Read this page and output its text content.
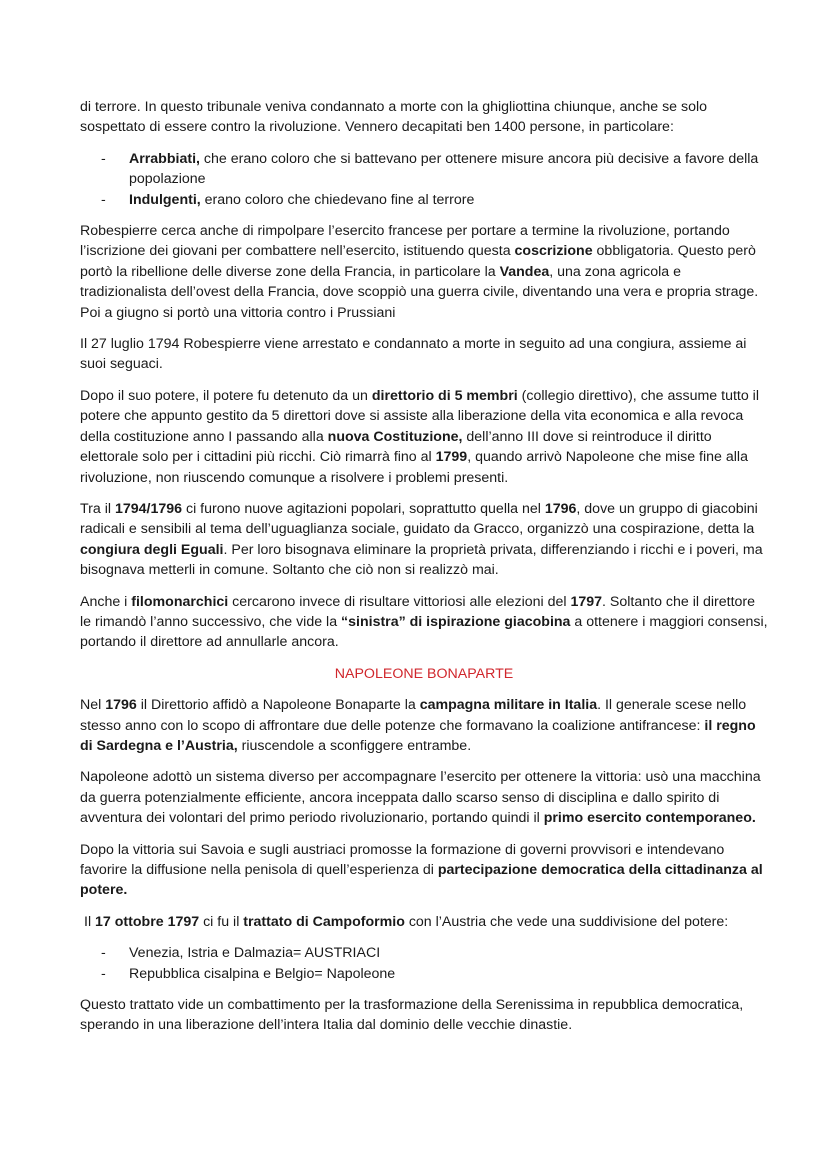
di terrore. In questo tribunale veniva condannato a morte con la ghigliottina chiunque, anche se solo sospettato di essere contro la rivoluzione. Vennero decapitati ben 1400 persone, in particolare:

- Arrabbiati, che erano coloro che si battevano per ottenere misure ancora più decisive a favore della popolazione
- Indulgenti, erano coloro che chiedevano fine al terrore

Robespierre cerca anche di rimpolpare l’esercito francese per portare a termine la rivoluzione, portando l’iscrizione dei giovani per combattere nell’esercito, istituendo questa coscrizione obbligatoria. Questo però portò la ribellione delle diverse zone della Francia, in particolare la Vandea, una zona agricola e tradizionalista dell’ovest della Francia, dove scoppiò una guerra civile, diventando una vera e propria strage. Poi a giugno si portò una vittoria contro i Prussiani

Il 27 luglio 1794 Robespierre viene arrestato e condannato a morte in seguito ad una congiura, assieme ai suoi seguaci.

Dopo il suo potere, il potere fu detenuto da un direttorio di 5 membri (collegio direttivo), che assume tutto il potere che appunto gestito da 5 direttori dove si assiste alla liberazione della vita economica e alla revoca della costituzione anno I passando alla nuova Costituzione, dell’anno III dove si reintroduce il diritto elettorale solo per i cittadini più ricchi. Ciò rimarrà fino al 1799, quando arrivò Napoleone che mise fine alla rivoluzione, non riuscendo comunque a risolvere i problemi presenti.

Tra il 1794/1796 ci furono nuove agitazioni popolari, soprattutto quella nel 1796, dove un gruppo di giacobini radicali e sensibili al tema dell’uguaglianza sociale, guidato da Gracco, organizzò una cospirazione, detta la congiura degli Eguali. Per loro bisognava eliminare la proprietà privata, differenziando i ricchi e i poveri, ma bisognava metterli in comune. Soltanto che ciò non si realizzò mai.

Anche i filomonarchici cercarono invece di risultare vittoriosi alle elezioni del 1797. Soltanto che il direttore le rimandò l’anno successivo, che vide la “sinistra” di ispirazione giacobina a ottenere i maggiori consensi, portando il direttore ad annullarle ancora.

NAPOLEONE BONAPARTE

Nel 1796 il Direttorio affidò a Napoleone Bonaparte la campagna militare in Italia. Il generale scese nello stesso anno con lo scopo di affrontare due delle potenze che formavano la coalizione antifrancese: il regno di Sardegna e l’Austria, riuscendole a sconfiggere entrambe.

Napoleone adottò un sistema diverso per accompagnare l’esercito per ottenere la vittoria: usò una macchina da guerra potenzialmente efficiente, ancora inceppata dallo scarso senso di disciplina e dallo spirito di avventura dei volontari del primo periodo rivoluzionario, portando quindi il primo esercito contemporaneo.

Dopo la vittoria sui Savoia e sugli austriaci promosse la formazione di governi provvisori e intendevano favorire la diffusione nella penisola di quell’esperienza di partecipazione democratica della cittadinanza al potere.

Il 17 ottobre 1797 ci fu il trattato di Campoformio con l’Austria che vede una suddivisione del potere:

- Venezia, Istria e Dalmazia= AUSTRIACI
- Repubblica cisalpina e Belgio= Napoleone

Questo trattato vide un combattimento per la trasformazione della Serenissima in repubblica democratica, sperando in una liberazione dell’intera Italia dal dominio delle vecchie dinastie.
